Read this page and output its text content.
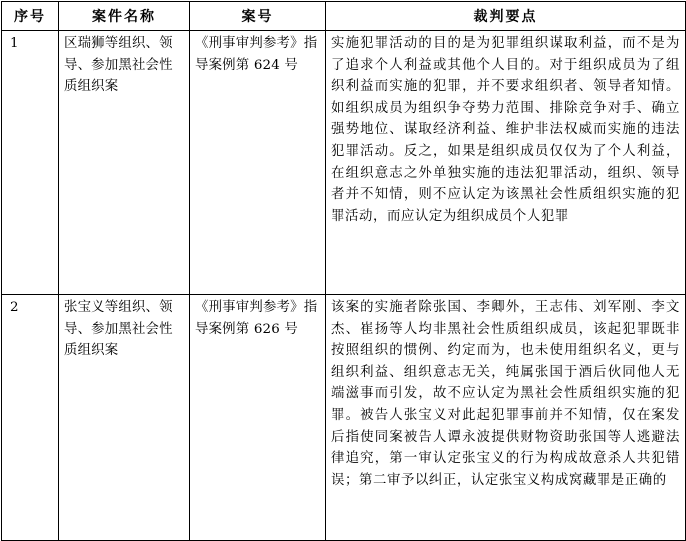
序号	案件名称	案号	裁判要点
1	区瑞狮等组织、领导、参加黑社会性质组织案	《刑事审判参考》指导案例第 624 号	实施犯罪活动的目的是为犯罪组织谋取利益，而不是为了追求个人利益或其他个人目的。对于组织成员为了组织利益而实施的犯罪，并不要求组织者、领导者知情。如组织成员为组织争夺势力范围、排除竞争对手、确立强势地位、谋取经济利益、维护非法权威而实施的违法犯罪活动。反之，如果是组织成员仅仅为了个人利益，在组织意志之外单独实施的违法犯罪活动，组织、领导者并不知情，则不应认定为该黑社会性质组织实施的犯罪活动，而应认定为组织成员个人犯罪
2	张宝义等组织、领导、参加黑社会性质组织案	《刑事审判参考》指导案例第 626 号	该案的实施者除张国、李卿外，王志伟、刘军刚、李文杰、崔扬等人均非黑社会性质组织成员，该起犯罪既非按照组织的惯例、约定而为，也未使用组织名义，更与组织利益、组织意志无关，纯属张国于酒后伙同他人无端滋事而引发，故不应认定为黑社会性质组织实施的犯罪。被告人张宝义对此起犯罪事前并不知情，仅在案发后指使同案被告人谭永波提供财物资助张国等人逃避法律追究，第一审认定张宝义的行为构成故意杀人共犯错误；第二审予以纠正，认定张宝义构成窝藏罪是正确的
